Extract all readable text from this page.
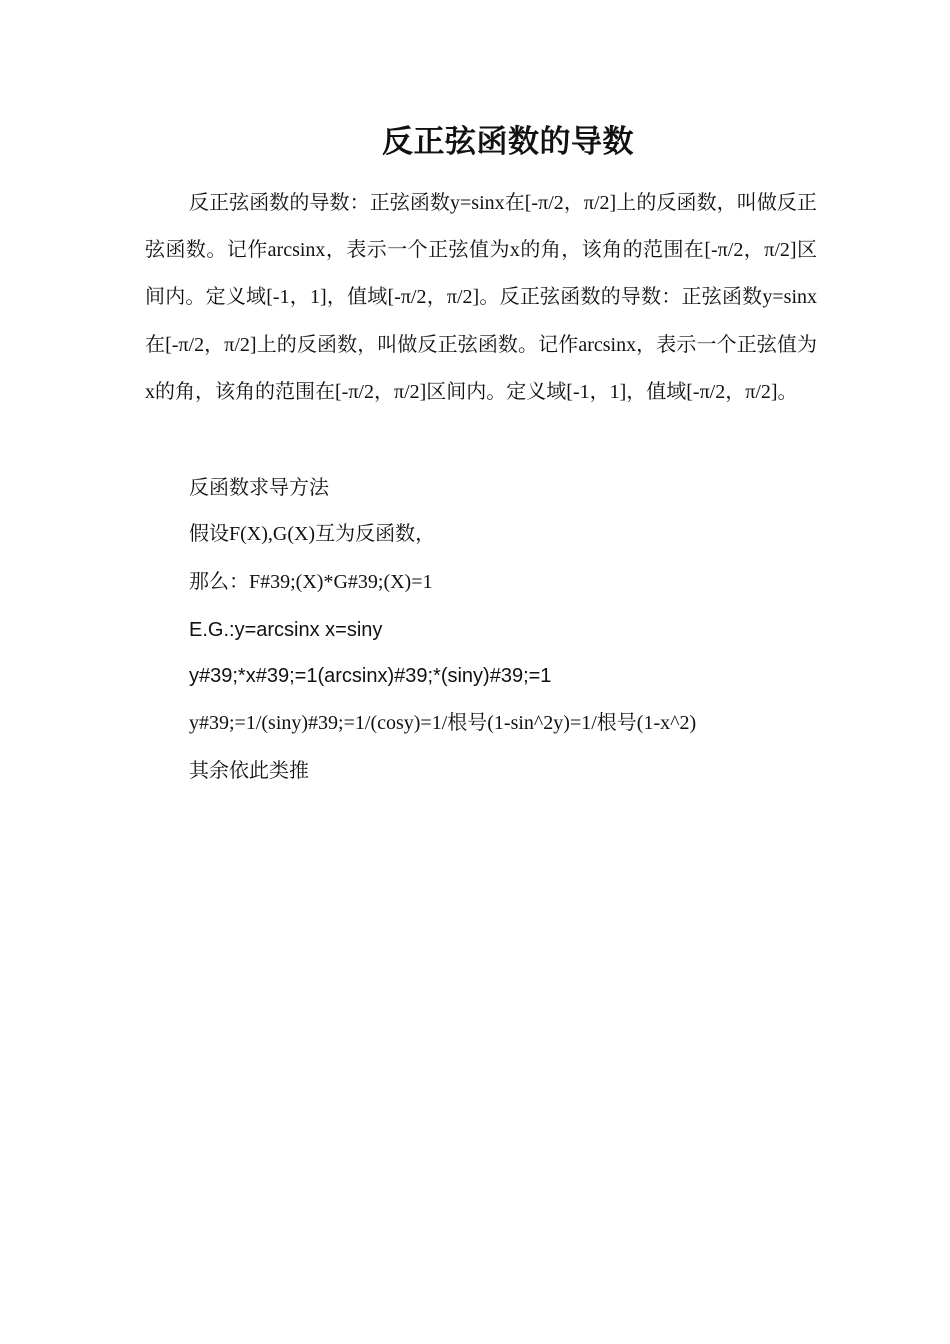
反正弦函数的导数
反正弦函数的导数：正弦函数y=sinx在[-π/2，π/2]上的反函数，叫做反正弦函数。记作arcsinx，表示一个正弦值为x的角，该角的范围在[-π/2，π/2]区间内。定义域[-1，1]，值域[-π/2，π/2]。反正弦函数的导数：正弦函数y=sinx在[-π/2，π/2]上的反函数，叫做反正弦函数。记作arcsinx，表示一个正弦值为x的角，该角的范围在[-π/2，π/2]区间内。定义域[-1，1]，值域[-π/2，π/2]。
反函数求导方法
假设F(X),G(X)互为反函数，
那么：F#39;(X)*G#39;(X)=1
E.G.:y=arcsinx x=siny
y#39;*x#39;=1(arcsinx)#39;*(siny)#39;=1
y#39;=1/(siny)#39;=1/(cosy)=1/根号(1-sin^2y)=1/根号(1-x^2)
其余依此类推
